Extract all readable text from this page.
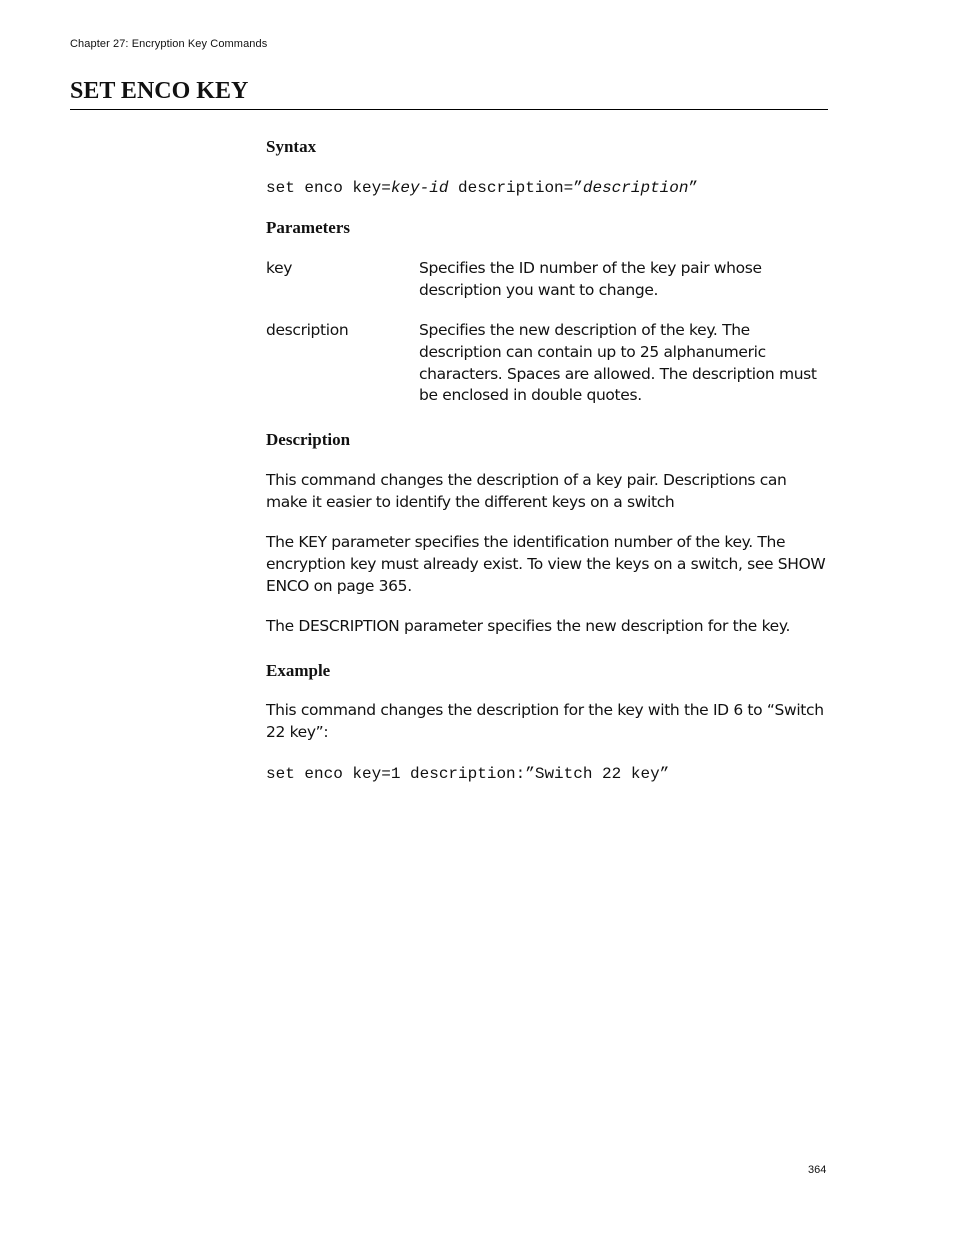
Chapter 27: Encryption Key Commands
SET ENCO KEY
Syntax
set enco key=key-id description=”description”
Parameters
key	Specifies the ID number of the key pair whose description you want to change.

description	Specifies the new description of the key. The description can contain up to 25 alphanumeric characters. Spaces are allowed. The description must be enclosed in double quotes.

Description

This command changes the description of a key pair. Descriptions can make it easier to identify the different keys on a switch

The KEY parameter specifies the identification number of the key. The encryption key must already exist. To view the keys on a switch, see SHOW ENCO on page 365.

The DESCRIPTION parameter specifies the new description for the key.

Example

This command changes the description for the key with the ID 6 to “Switch 22 key”:

set enco key=1 description:”Switch 22 key”
364
